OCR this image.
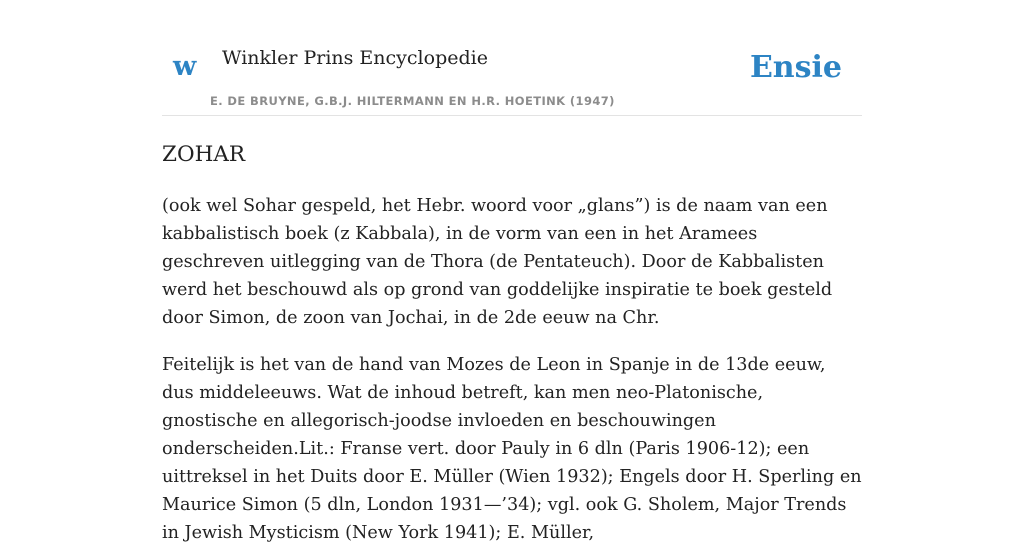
w Winkler Prins Encyclopedie
E. DE BRUYNE, G.B.J. HILTERMANN EN H.R. HOETINK (1947)
Ensie
ZOHAR

(ook wel Sohar gespeld, het Hebr. woord voor „glans”) is de naam van een kabbalistisch boek (z Kabbala), in de vorm van een in het Aramees geschreven uitlegging van de Thora (de Pentateuch). Door de Kabbalisten werd het beschouwd als op grond van goddelijke inspiratie te boek gesteld door Simon, de zoon van Jochai, in de 2de eeuw na Chr.

Feitelijk is het van de hand van Mozes de Leon in Spanje in de 13de eeuw, dus middeleeuws. Wat de inhoud betreft, kan men neo-Platonische, gnostische en allegorisch-joodse invloeden en beschouwingen onderscheiden.Lit.: Franse vert. door Pauly in 6 dln (Paris 1906-12); een uittreksel in het Duits door E. Müller (Wien 1932); Engels door H. Sperling en Maurice Simon (5 dln, London 1931—’34); vgl. ook G. Sholem, Major Trends in Jewish Mysticism (New York 1941); E. Müller,
